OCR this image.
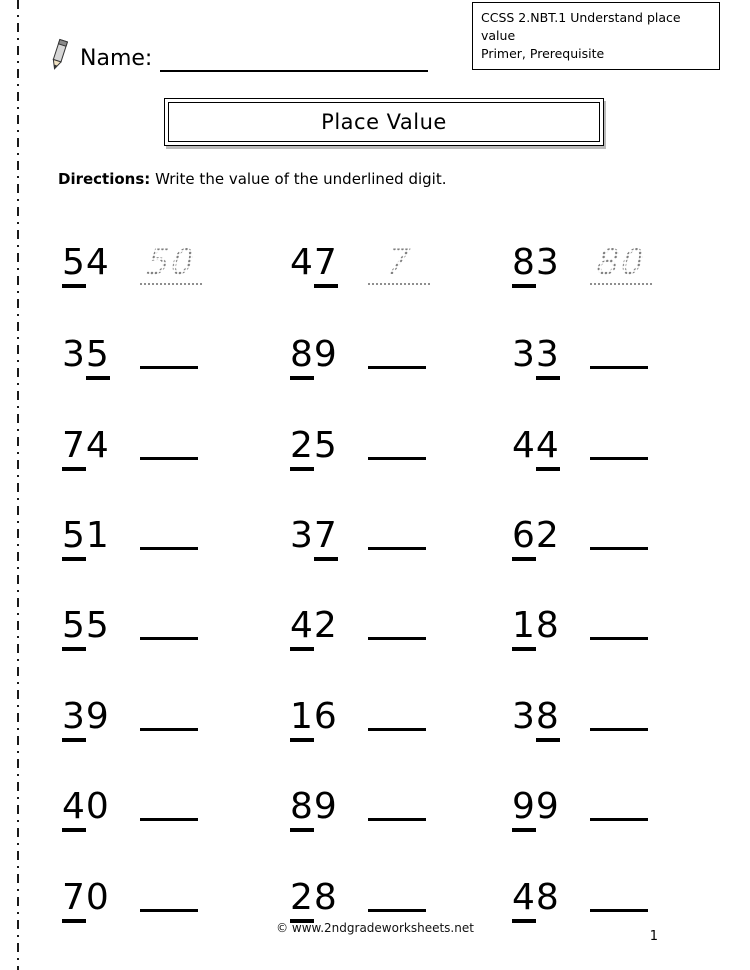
Name:
CCSS 2.NBT.1 Understand place value
Primer, Prerequisite
Place Value
Directions: Write the value of the underlined digit.
54 50	47 7	83 80
35	89	33
74	25	44
51	37	62
55	42	18
39	16	38
40	89	99
70	28	48
© www.2ndgradeworksheets.net
1
